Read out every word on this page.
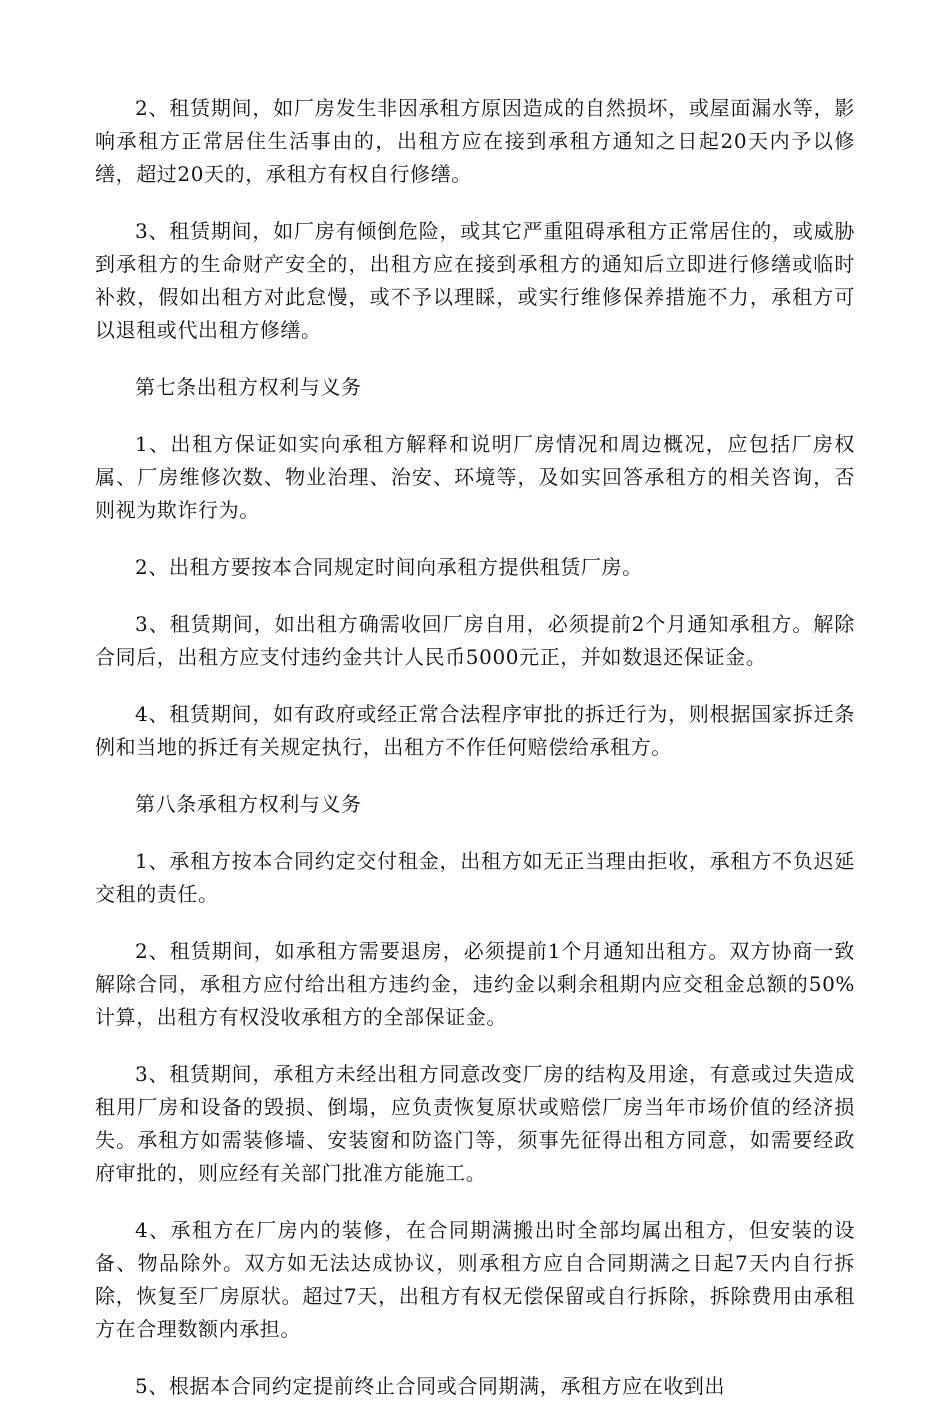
2、租赁期间，如厂房发生非因承租方原因造成的自然损坏，或屋面漏水等，影响承租方正常居住生活事由的，出租方应在接到承租方通知之日起20天内予以修缮，超过20天的，承租方有权自行修缮。

3、租赁期间，如厂房有倾倒危险，或其它严重阻碍承租方正常居住的，或威胁到承租方的生命财产安全的，出租方应在接到承租方的通知后立即进行修缮或临时补救，假如出租方对此怠慢，或不予以理睬，或实行维修保养措施不力，承租方可以退租或代出租方修缮。

第七条出租方权利与义务

1、出租方保证如实向承租方解释和说明厂房情况和周边概况，应包括厂房权属、厂房维修次数、物业治理、治安、环境等，及如实回答承租方的相关咨询，否则视为欺诈行为。

2、出租方要按本合同规定时间向承租方提供租赁厂房。

3、租赁期间，如出租方确需收回厂房自用，必须提前2个月通知承租方。解除合同后，出租方应支付违约金共计人民币5000元正，并如数退还保证金。

4、租赁期间，如有政府或经正常合法程序审批的拆迁行为，则根据国家拆迁条例和当地的拆迁有关规定执行，出租方不作任何赔偿给承租方。

第八条承租方权利与义务

1、承租方按本合同约定交付租金，出租方如无正当理由拒收，承租方不负迟延交租的责任。

2、租赁期间，如承租方需要退房，必须提前1个月通知出租方。双方协商一致解除合同，承租方应付给出租方违约金，违约金以剩余租期内应交租金总额的50%计算，出租方有权没收承租方的全部保证金。

3、租赁期间，承租方未经出租方同意改变厂房的结构及用途，有意或过失造成租用厂房和设备的毁损、倒塌，应负责恢复原状或赔偿厂房当年市场价值的经济损失。承租方如需装修墙、安装窗和防盗门等，须事先征得出租方同意，如需要经政府审批的，则应经有关部门批准方能施工。

4、承租方在厂房内的装修，在合同期满搬出时全部均属出租方，但安装的设备、物品除外。双方如无法达成协议，则承租方应自合同期满之日起7天内自行拆除，恢复至厂房原状。超过7天，出租方有权无偿保留或自行拆除，拆除费用由承租方在合理数额内承担。

5、根据本合同约定提前终止合同或合同期满，承租方应在收到出
